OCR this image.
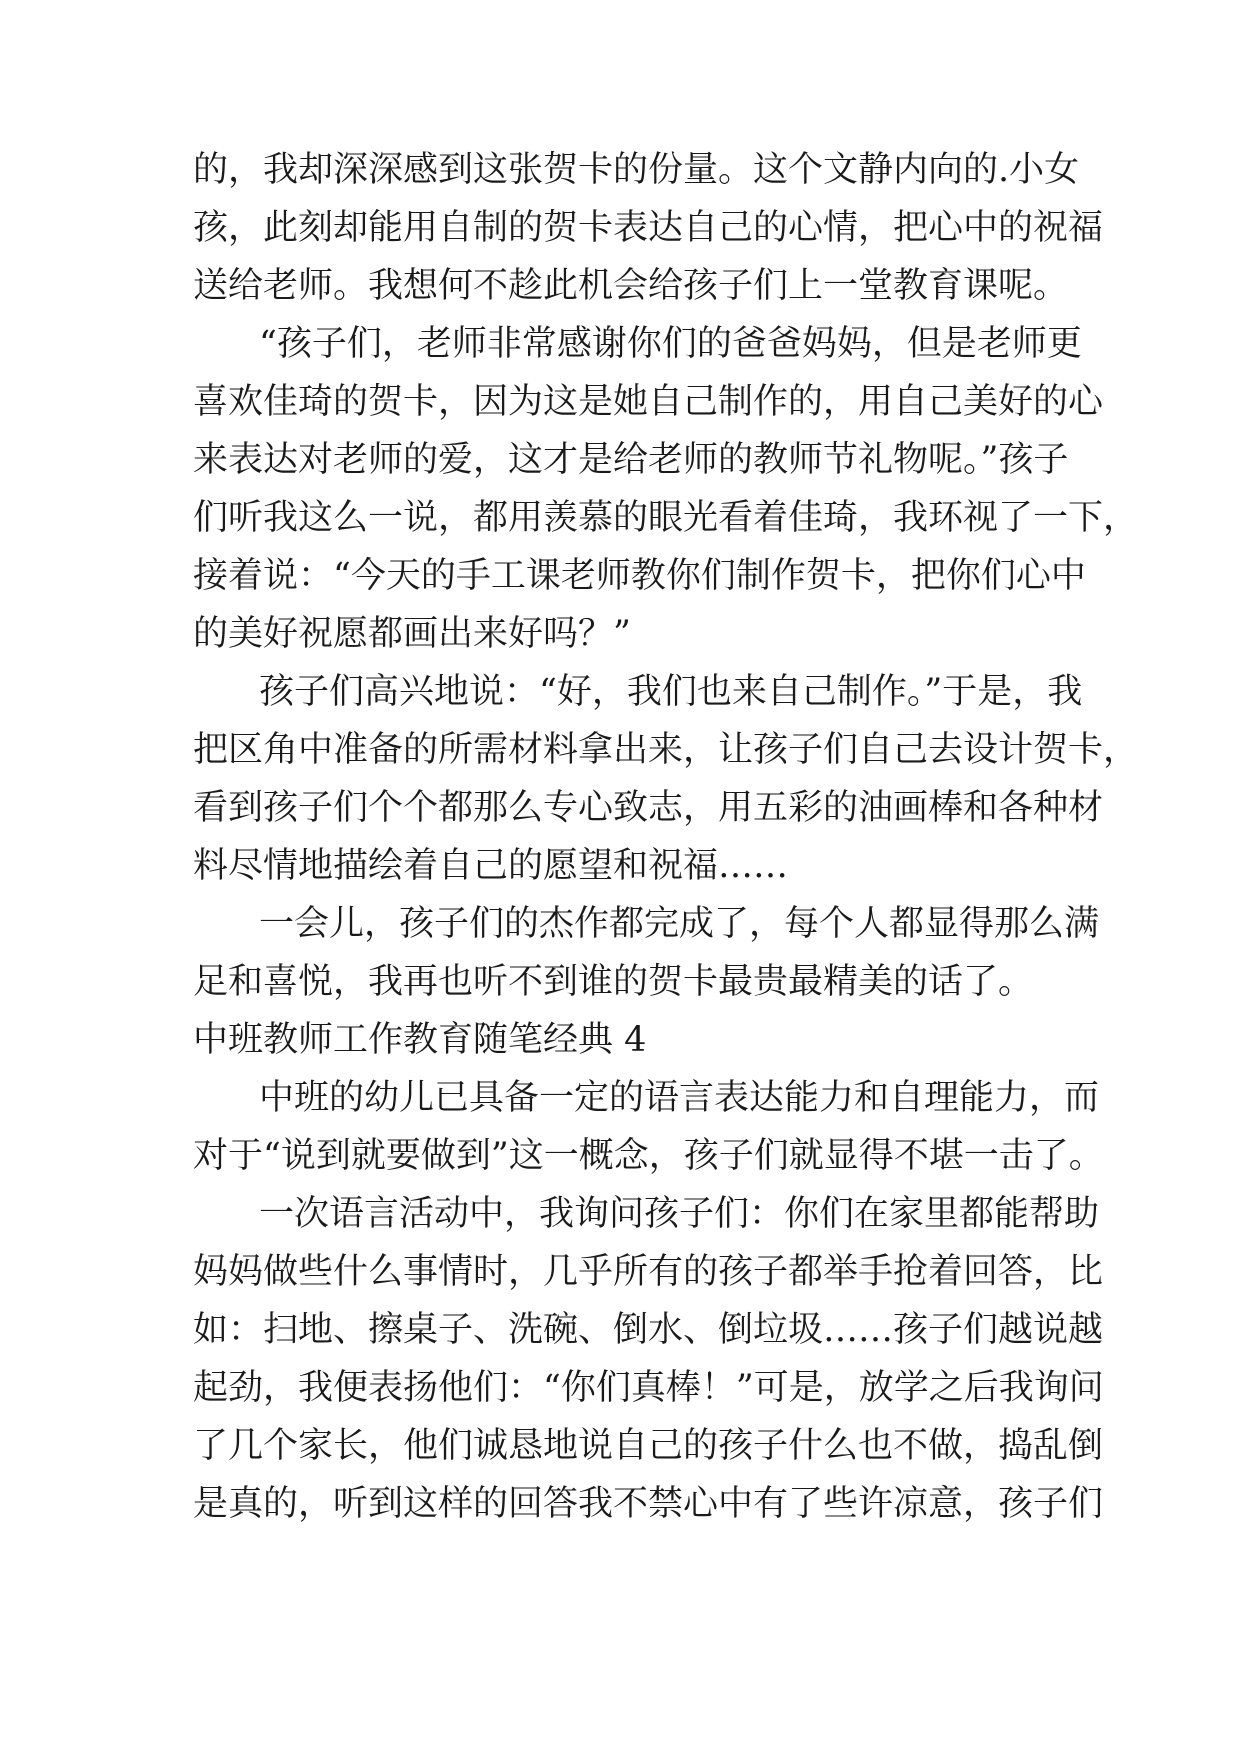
的，我却深深感到这张贺卡的份量。这个文静内向的.小女
孩，此刻却能用自制的贺卡表达自己的心情，把心中的祝福
送给老师。我想何不趁此机会给孩子们上一堂教育课呢。
“孩子们，老师非常感谢你们的爸爸妈妈，但是老师更
喜欢佳琦的贺卡，因为这是她自己制作的，用自己美好的心
来表达对老师的爱，这才是给老师的教师节礼物呢。”孩子
们听我这么一说，都用羡慕的眼光看着佳琦，我环视了一下，
接着说：“今天的手工课老师教你们制作贺卡，把你们心中
的美好祝愿都画出来好吗？”
孩子们高兴地说：“好，我们也来自己制作。”于是，我
把区角中准备的所需材料拿出来，让孩子们自己去设计贺卡，
看到孩子们个个都那么专心致志，用五彩的油画棒和各种材
料尽情地描绘着自己的愿望和祝福……
一会儿，孩子们的杰作都完成了，每个人都显得那么满
足和喜悦，我再也听不到谁的贺卡最贵最精美的话了。
中班教师工作教育随笔经典 4
中班的幼儿已具备一定的语言表达能力和自理能力，而
对于“说到就要做到”这一概念，孩子们就显得不堪一击了。
一次语言活动中，我询问孩子们：你们在家里都能帮助
妈妈做些什么事情时，几乎所有的孩子都举手抢着回答，比
如：扫地、擦桌子、洗碗、倒水、倒垃圾……孩子们越说越
起劲，我便表扬他们：“你们真棒！”可是，放学之后我询问
了几个家长，他们诚恳地说自己的孩子什么也不做，捣乱倒
是真的，听到这样的回答我不禁心中有了些许凉意，孩子们
